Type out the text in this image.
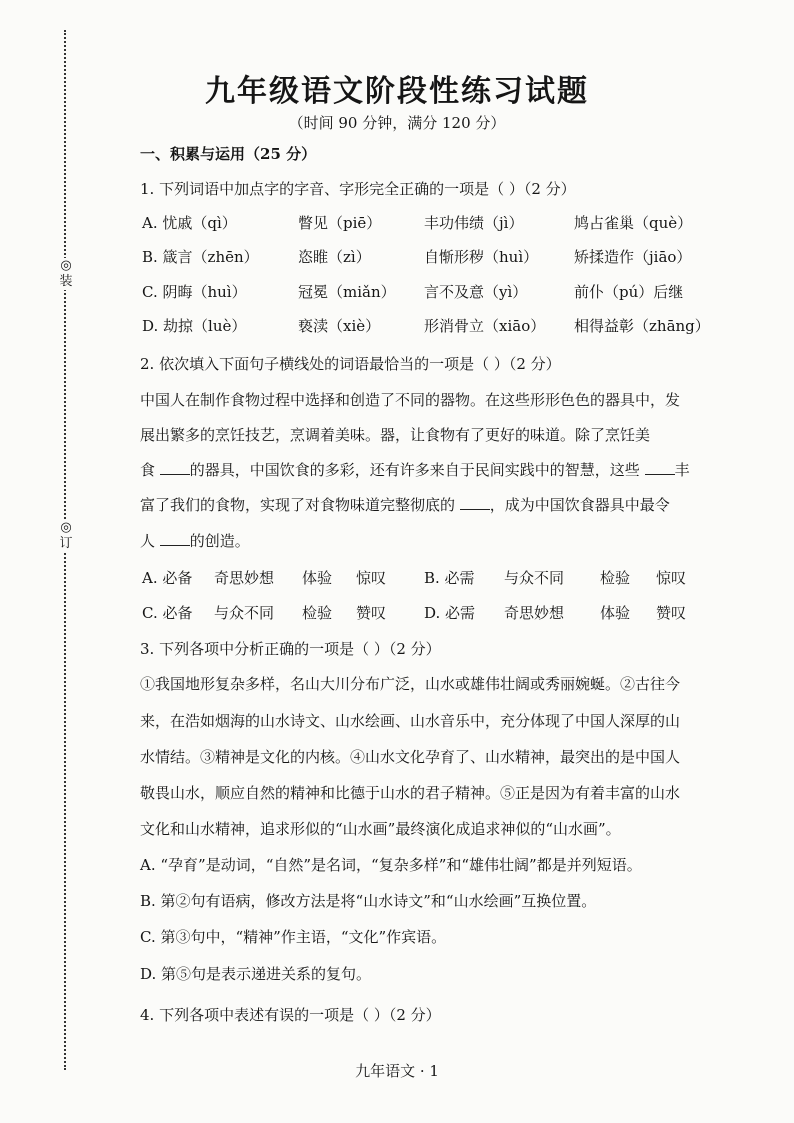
◎装
◎订
九年级语文阶段性练习试题
（时间 90 分钟，满分 120 分）
一、积累与运用（25 分）
1. 下列词语中加点字的字音、字形完全正确的一项是（ ）（2 分）
A. 忧戚（qì）	瞥见（piē）	丰功伟绩（jì）	鸠占雀巢（què）
B. 箴言（zhēn）	恣睢（zì）	自惭形秽（huì） 矫揉造作（jiāo）
C. 阴晦（huì）	冠冕（miǎn） 言不及意（yì）	前仆（pú）后继
D. 劫掠（luè）	亵渎（xiè）	形消骨立（xiāo） 相得益彰（zhāng）
2. 依次填入下面句子横线处的词语最恰当的一项是（ ）（2 分）
中国人在制作食物过程中选择和创造了不同的器物。在这些形形色色的器具中，发
展出繁多的烹饪技艺，烹调着美味。器，让食物有了更好的味道。除了烹饪美
食 的器具，中国饮食的多彩，还有许多来自于民间实践中的智慧，这些 丰
富了我们的食物，实现了对食物味道完整彻底的 ，成为中国饮食器具中最令
人 的创造。
A. 必备 奇思妙想 体验 惊叹	B. 必需 与众不同 检验 惊叹
C. 必备 与众不同 检验 赞叹	D. 必需 奇思妙想 体验 赞叹
3. 下列各项中分析正确的一项是（ ）（2 分）
①我国地形复杂多样，名山大川分布广泛，山水或雄伟壮阔或秀丽婉蜒。②古往今
来，在浩如烟海的山水诗文、山水绘画、山水音乐中，充分体现了中国人深厚的山
水情结。③精神是文化的内核。④山水文化孕育了、山水精神，最突出的是中国人
敬畏山水，顺应自然的精神和比德于山水的君子精神。⑤正是因为有着丰富的山水
文化和山水精神，追求形似的“山水画”最终演化成追求神似的“山水画”。
A. “孕育”是动词，“自然”是名词，“复杂多样”和“雄伟壮阔”都是并列短语。
B. 第②句有语病，修改方法是将“山水诗文”和“山水绘画”互换位置。
C. 第③句中，“精神”作主语，“文化”作宾语。
D. 第⑤句是表示递进关系的复句。
4. 下列各项中表述有误的一项是（ ）（2 分）
九年语文 · 1
